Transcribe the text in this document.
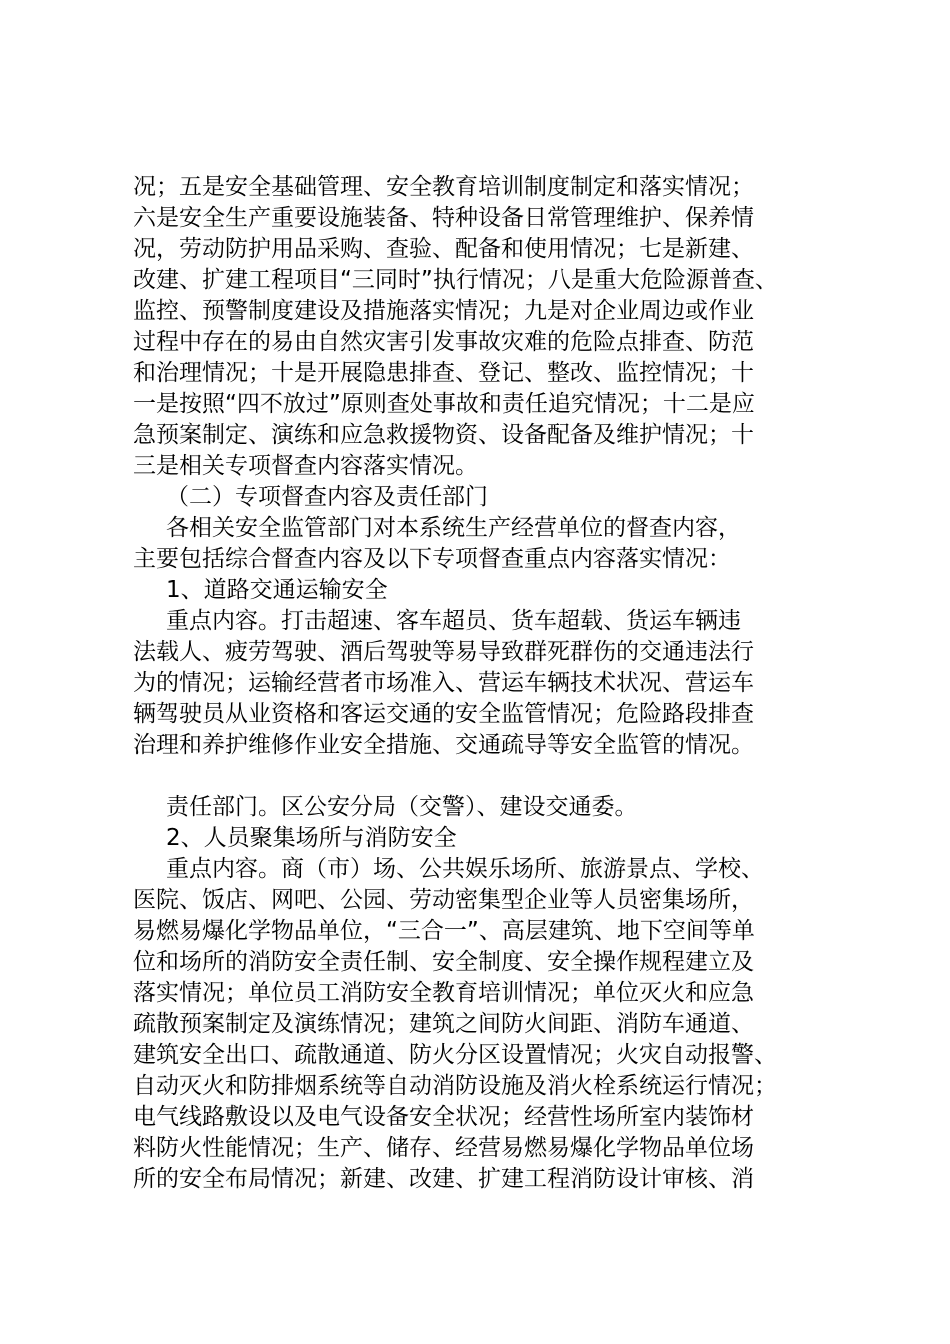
况；五是安全基础管理、安全教育培训制度制定和落实情况；
六是安全生产重要设施装备、特种设备日常管理维护、保养情
况，劳动防护用品采购、查验、配备和使用情况；七是新建、
改建、扩建工程项目“三同时”执行情况；八是重大危险源普查、
监控、预警制度建设及措施落实情况；九是对企业周边或作业
过程中存在的易由自然灾害引发事故灾难的危险点排查、防范
和治理情况；十是开展隐患排查、登记、整改、监控情况；十
一是按照“四不放过”原则查处事故和责任追究情况；十二是应
急预案制定、演练和应急救援物资、设备配备及维护情况；十
三是相关专项督查内容落实情况。
（二）专项督查内容及责任部门
各相关安全监管部门对本系统生产经营单位的督查内容，
主要包括综合督查内容及以下专项督查重点内容落实情况：
1、道路交通运输安全
重点内容。打击超速、客车超员、货车超载、货运车辆违
法载人、疲劳驾驶、酒后驾驶等易导致群死群伤的交通违法行
为的情况；运输经营者市场准入、营运车辆技术状况、营运车
辆驾驶员从业资格和客运交通的安全监管情况；危险路段排查
治理和养护维修作业安全措施、交通疏导等安全监管的情况。
责任部门。区公安分局（交警）、建设交通委。
2、人员聚集场所与消防安全
重点内容。商（市）场、公共娱乐场所、旅游景点、学校、
医院、饭店、网吧、公园、劳动密集型企业等人员密集场所，
易燃易爆化学物品单位，“三合一”、高层建筑、地下空间等单
位和场所的消防安全责任制、安全制度、安全操作规程建立及
落实情况；单位员工消防安全教育培训情况；单位灭火和应急
疏散预案制定及演练情况；建筑之间防火间距、消防车通道、
建筑安全出口、疏散通道、防火分区设置情况；火灾自动报警、
自动灭火和防排烟系统等自动消防设施及消火栓系统运行情况；
电气线路敷设以及电气设备安全状况；经营性场所室内装饰材
料防火性能情况；生产、储存、经营易燃易爆化学物品单位场
所的安全布局情况；新建、改建、扩建工程消防设计审核、消
